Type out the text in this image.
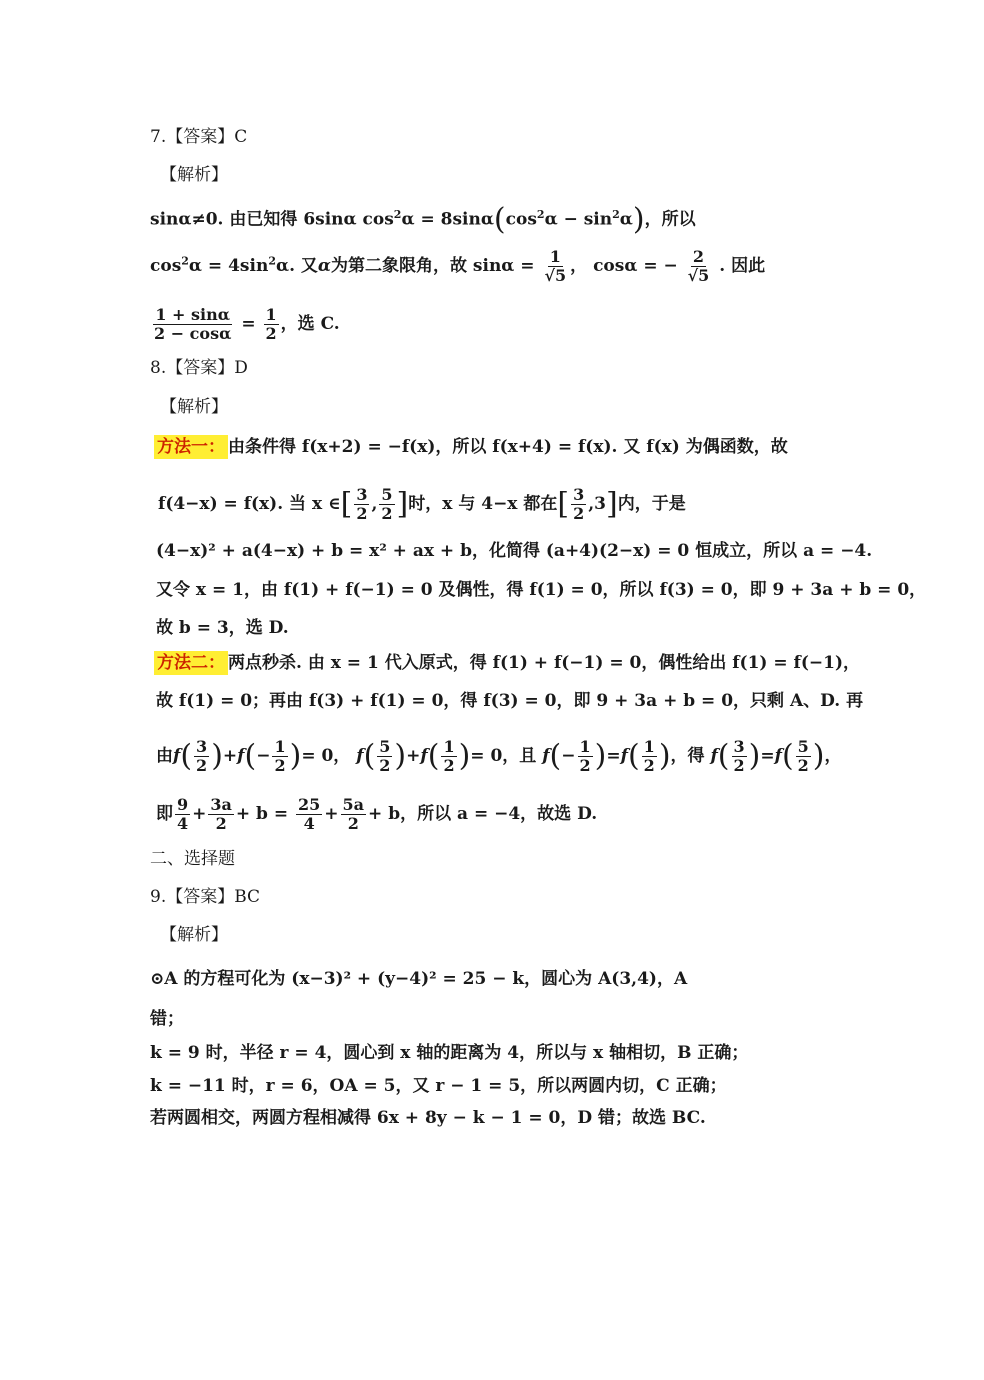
7.【答案】C
【解析】
sinα≠0. 由已知得 6sinα $\cos^2\alpha = 8\sin\alpha(\cos^2\alpha - \sin^2\alpha)$，所以
$\cos^2\alpha = 4\sin^2\alpha$. 又α为第二象限角，故 $\sin\alpha = \frac{1}{√5}$ ， cosα = − $\frac{2}{√5}$ . 因此
$\frac{1 + \sin\alpha}{2 - \cos\alpha} = \frac{1}{2}$ ，选 C.
8.【答案】D
【解析】
方法一： 由条件得 f(x+2) = −f(x)，所以 f(x+4) = f(x). 又 f(x) 为偶函数，故
f(4−x) = f(x). 当 x ∈[ $\frac{3}{2}$ , $\frac{5}{2}$ ]时，x 与 4−x 都在[ $\frac{3}{2} ,3$]内，于是
(4−x)² + a(4−x) + b = x² + ax + b，化简得 (a+4)(2−x) = 0 恒成立，所以 a = −4.
又令 x = 1，由 f(1) + f(−1) = 0 及偶性，得 f(1) = 0，所以 f(3) = 0，即 9 + 3a + b = 0，
故 b = 3，选 D.
方法二： 两点秒杀. 由 x = 1 代入原式，得 f(1) + f(−1) = 0，偶性给出 f(1) = f(−1)，
故 f(1) = 0；再由 f(3) + f(1) = 0，得 f(3) = 0，即 9 + 3a + b = 0，只剩 A、D. 再
由$f( \frac{3}{2} )+f(- \frac{1}{2}$ )= 0， $f( \frac{5}{2} )+f( \frac{1}{2}$ )= 0，且 $f(- \frac{1}{2} )=f( \frac{1}{2}$ )，得 $f( \frac{3}{2} )=f( \frac{5}{2}$ )，
即 $\frac{9}{4} + \frac{3a}{2} + b = \frac{25}{4} + \frac{5a}{2} + b$，所以 a = −4，故选 D.
二、选择题
9.【答案】BC
【解析】
⊙A 的方程可化为 (x−3)² + (y−4)² = 25 − k，圆心为 A(3,4)，A
错；
k = 9 时，半径 r = 4，圆心到 x 轴的距离为 4，所以与 x 轴相切，B 正确；
k = −11 时，r = 6，OA = 5，又 r − 1 = 5，所以两圆内切，C 正确；
若两圆相交，两圆方程相减得 6x + 8y − k − 1 = 0，D 错；故选 BC.
